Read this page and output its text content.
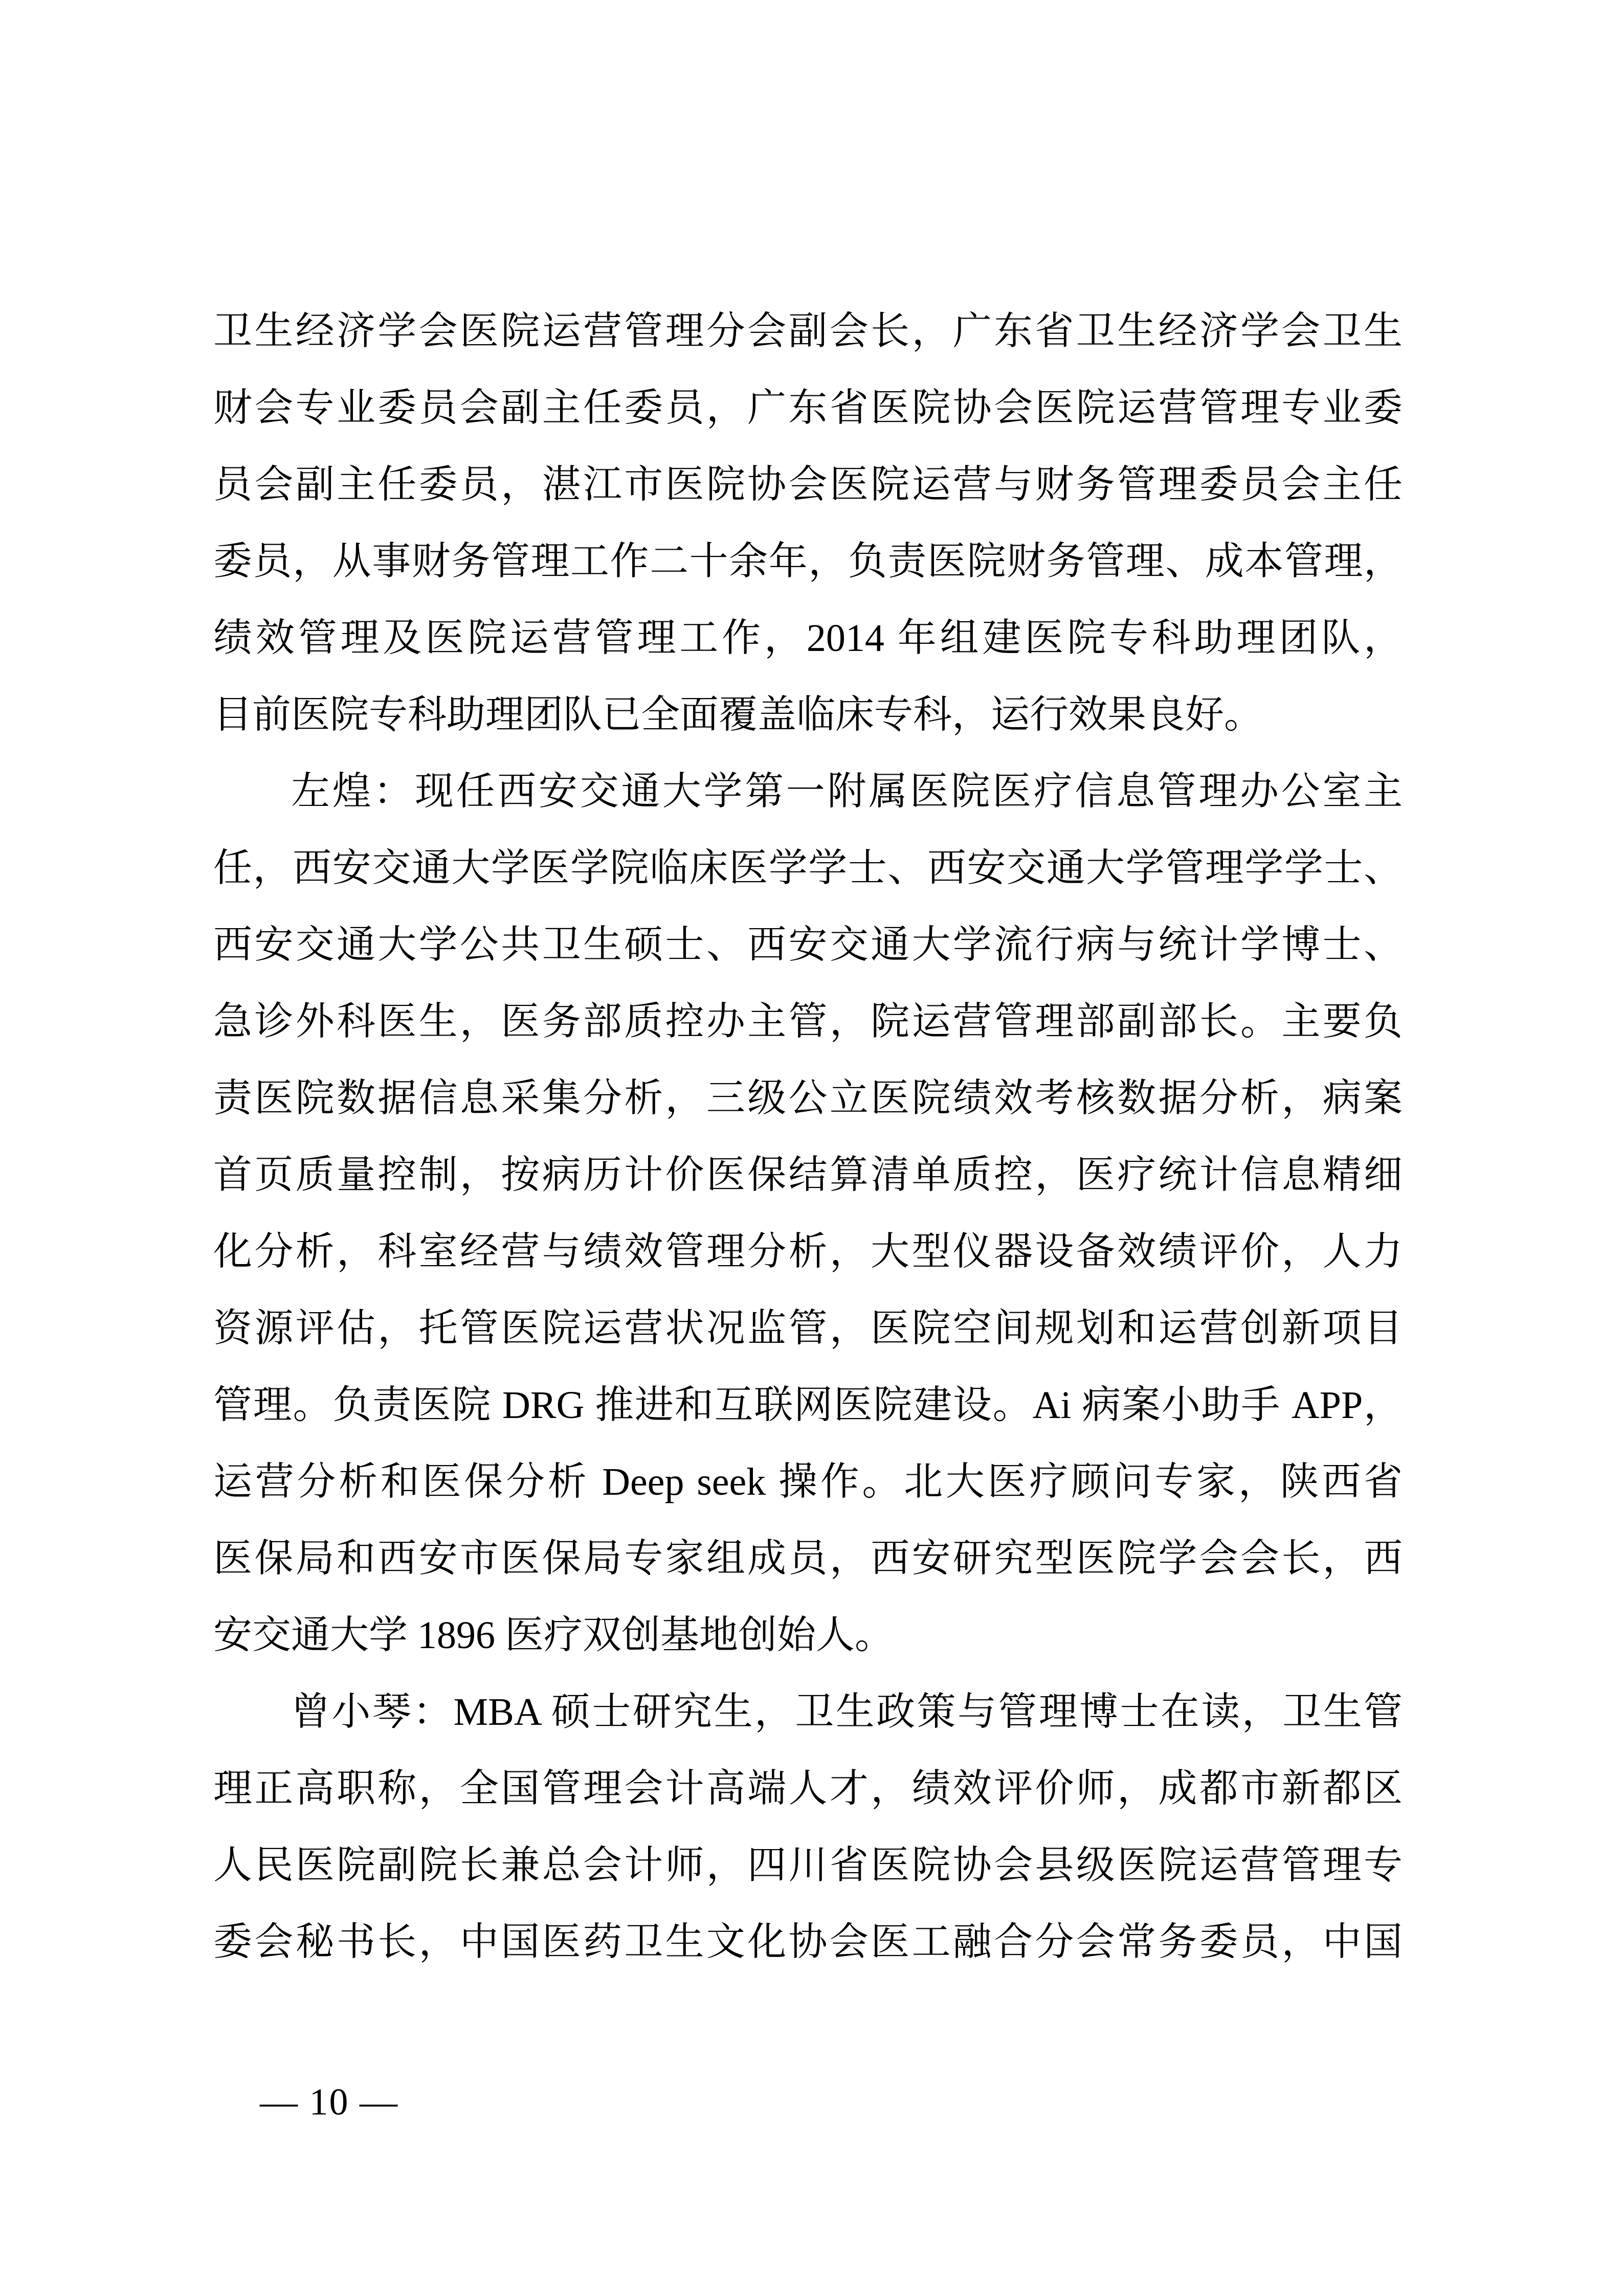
卫生经济学会医院运营管理分会副会长，广东省卫生经济学会卫生
财会专业委员会副主任委员，广东省医院协会医院运营管理专业委
员会副主任委员，湛江市医院协会医院运营与财务管理委员会主任
委员，从事财务管理工作二十余年，负责医院财务管理、成本管理，
绩效管理及医院运营管理工作，2014 年组建医院专科助理团队，
目前医院专科助理团队已全面覆盖临床专科，运行效果良好。
左煌：现任西安交通大学第一附属医院医疗信息管理办公室主
任，西安交通大学医学院临床医学学士、西安交通大学管理学学士、
西安交通大学公共卫生硕士、西安交通大学流行病与统计学博士、
急诊外科医生，医务部质控办主管，院运营管理部副部长。主要负
责医院数据信息采集分析，三级公立医院绩效考核数据分析，病案
首页质量控制，按病历计价医保结算清单质控，医疗统计信息精细
化分析，科室经营与绩效管理分析，大型仪器设备效绩评价，人力
资源评估，托管医院运营状况监管，医院空间规划和运营创新项目
管理。负责医院 DRG 推进和互联网医院建设。Ai 病案小助手 APP，
运营分析和医保分析 Deep seek 操作。北大医疗顾问专家，陕西省
医保局和西安市医保局专家组成员，西安研究型医院学会会长，西
安交通大学 1896 医疗双创基地创始人。
曾小琴：MBA 硕士研究生，卫生政策与管理博士在读，卫生管
理正高职称，全国管理会计高端人才，绩效评价师，成都市新都区
人民医院副院长兼总会计师，四川省医院协会县级医院运营管理专
委会秘书长，中国医药卫生文化协会医工融合分会常务委员，中国
— 10 —
